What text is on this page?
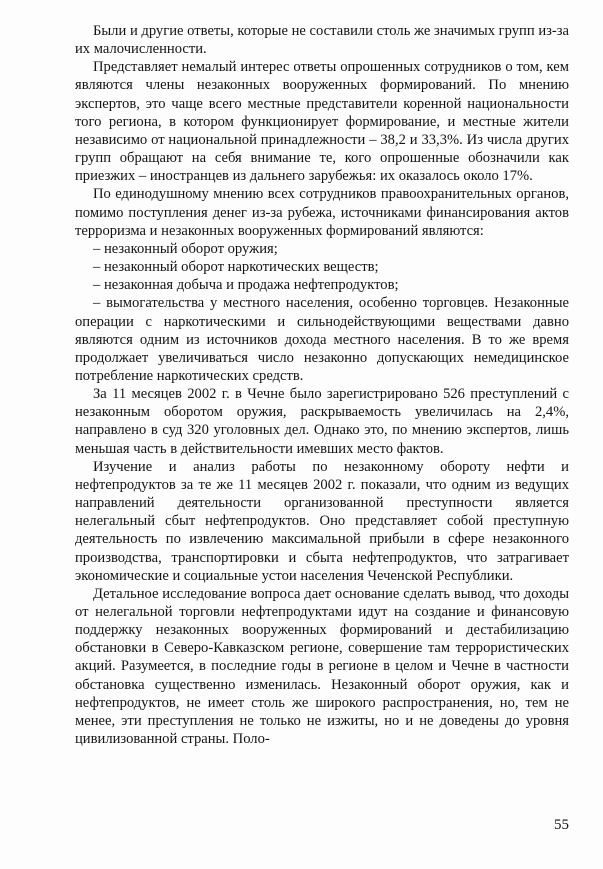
Были и другие ответы, которые не составили столь же значимых групп из-за их малочисленности.

Представляет немалый интерес ответы опрошенных сотрудников о том, кем являются члены незаконных вооруженных формирований. По мнению экспертов, это чаще всего местные представители коренной национальности того региона, в котором функционирует формирование, и местные жители независимо от национальной принадлежности – 38,2 и 33,3%. Из числа других групп обращают на себя внимание те, кого опрошенные обозначили как приезжих – иностранцев из дальнего зарубежья: их оказалось около 17%.

По единодушному мнению всех сотрудников правоохранительных органов, помимо поступления денег из-за рубежа, источниками финансирования актов терроризма и незаконных вооруженных формирований являются:

– незаконный оборот оружия;

– незаконный оборот наркотических веществ;

– незаконная добыча и продажа нефтепродуктов;

– вымогательства у местного населения, особенно торговцев. Незаконные операции с наркотическими и сильнодействующими веществами давно являются одним из источников дохода местного населения. В то же время продолжает увеличиваться число незаконно допускающих немедицинское потребление наркотических средств.

За 11 месяцев 2002 г. в Чечне было зарегистрировано 526 преступлений с незаконным оборотом оружия, раскрываемость увеличилась на 2,4%, направлено в суд 320 уголовных дел. Однако это, по мнению экспертов, лишь меньшая часть в действительности имевших место фактов.

Изучение и анализ работы по незаконному обороту нефти и нефтепродуктов за те же 11 месяцев 2002 г. показали, что одним из ведущих направлений деятельности организованной преступности является нелегальный сбыт нефтепродуктов. Оно представляет собой преступную деятельность по извлечению максимальной прибыли в сфере незаконного производства, транспортировки и сбыта нефтепродуктов, что затрагивает экономические и социальные устои населения Чеченской Республики.

Детальное исследование вопроса дает основание сделать вывод, что доходы от нелегальной торговли нефтепродуктами идут на создание и финансовую поддержку незаконных вооруженных формирований и дестабилизацию обстановки в Северо-Кавказском регионе, совершение там террористических акций. Разумеется, в последние годы в регионе в целом и Чечне в частности обстановка существенно изменилась. Незаконный оборот оружия, как и нефтепродуктов, не имеет столь же широкого распространения, но, тем не менее, эти преступления не только не изжиты, но и не доведены до уровня цивилизованной страны. Поло-

55
